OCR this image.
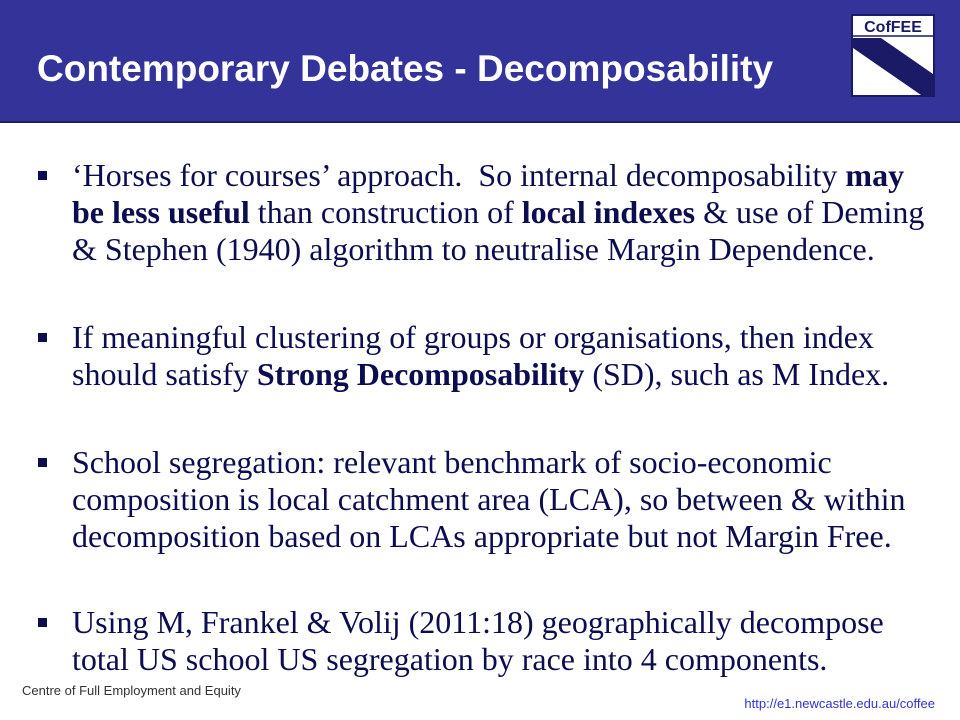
Contemporary Debates - Decomposability
CofFEE
‘Horses for courses’ approach.  So internal decomposability may
be less useful than construction of local indexes & use of Deming
& Stephen (1940) algorithm to neutralise Margin Dependence.
If meaningful clustering of groups or organisations, then index
should satisfy Strong Decomposability (SD), such as M Index.
School segregation: relevant benchmark of socio-economic
composition is local catchment area (LCA), so between & within
decomposition based on LCAs appropriate but not Margin Free.
Using M, Frankel & Volij (2011:18) geographically decompose
total US school US segregation by race into 4 components.
Centre of Full Employment and Equity
http://e1.newcastle.edu.au/coffee
